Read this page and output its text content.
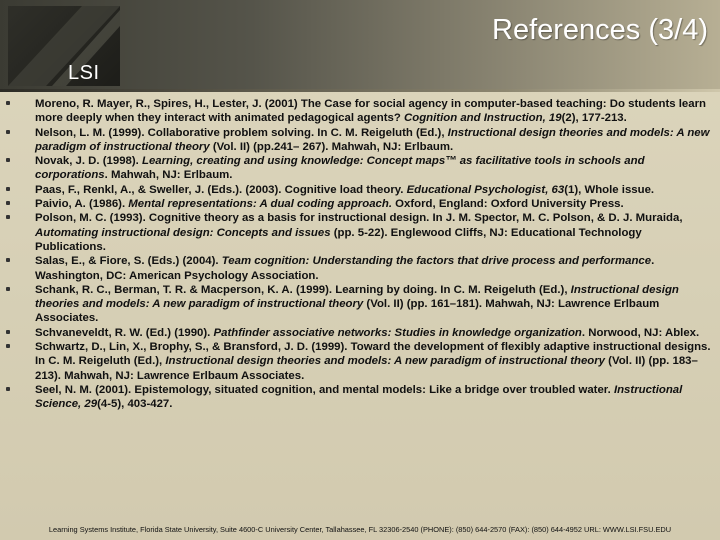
LSI
References (3/4)
Moreno, R. Mayer, R., Spires, H., Lester, J. (2001) The Case for social agency in computer-based teaching: Do students learn more deeply when they interact with animated pedagogical agents? Cognition and Instruction, 19(2), 177-213.
Nelson, L. M. (1999). Collaborative problem solving. In C. M. Reigeluth (Ed.), Instructional design theories and models: A new paradigm of instructional theory (Vol. II) (pp.241– 267). Mahwah, NJ: Erlbaum.
Novak, J. D. (1998). Learning, creating and using knowledge: Concept maps™ as facilitative tools in schools and corporations. Mahwah, NJ: Erlbaum.
Paas, F., Renkl, A., & Sweller, J. (Eds.). (2003). Cognitive load theory. Educational Psychologist, 63(1), Whole issue.
Paivio, A. (1986). Mental representations: A dual coding approach. Oxford, England: Oxford University Press.
Polson, M. C. (1993). Cognitive theory as a basis for instructional design. In J. M. Spector, M. C. Polson, & D. J. Muraida, Automating instructional design: Concepts and issues (pp. 5-22). Englewood Cliffs, NJ: Educational Technology Publications.
Salas, E., & Fiore, S. (Eds.) (2004). Team cognition: Understanding the factors that drive process and performance. Washington, DC: American Psychology Association.
Schank, R. C., Berman, T. R. & Macperson, K. A. (1999). Learning by doing. In C. M. Reigeluth (Ed.), Instructional design theories and models: A new paradigm of instructional theory (Vol. II) (pp. 161–181). Mahwah, NJ: Lawrence Erlbaum Associates.
Schvaneveldt, R. W. (Ed.) (1990). Pathfinder associative networks: Studies in knowledge organization. Norwood, NJ: Ablex.
Schwartz, D., Lin, X., Brophy, S., & Bransford, J. D. (1999). Toward the development of flexibly adaptive instructional designs. In C. M. Reigeluth (Ed.), Instructional design theories and models: A new paradigm of instructional theory (Vol. II) (pp. 183–213). Mahwah, NJ: Lawrence Erlbaum Associates.
Seel, N. M. (2001). Epistemology, situated cognition, and mental models: Like a bridge over troubled water. Instructional Science, 29(4-5), 403-427.
Learning Systems Institute, Florida State University, Suite 4600-C University Center, Tallahassee, FL 32306-2540 (PHONE): (850) 644-2570 (FAX): (850) 644-4952 URL: WWW.LSI.FSU.EDU
